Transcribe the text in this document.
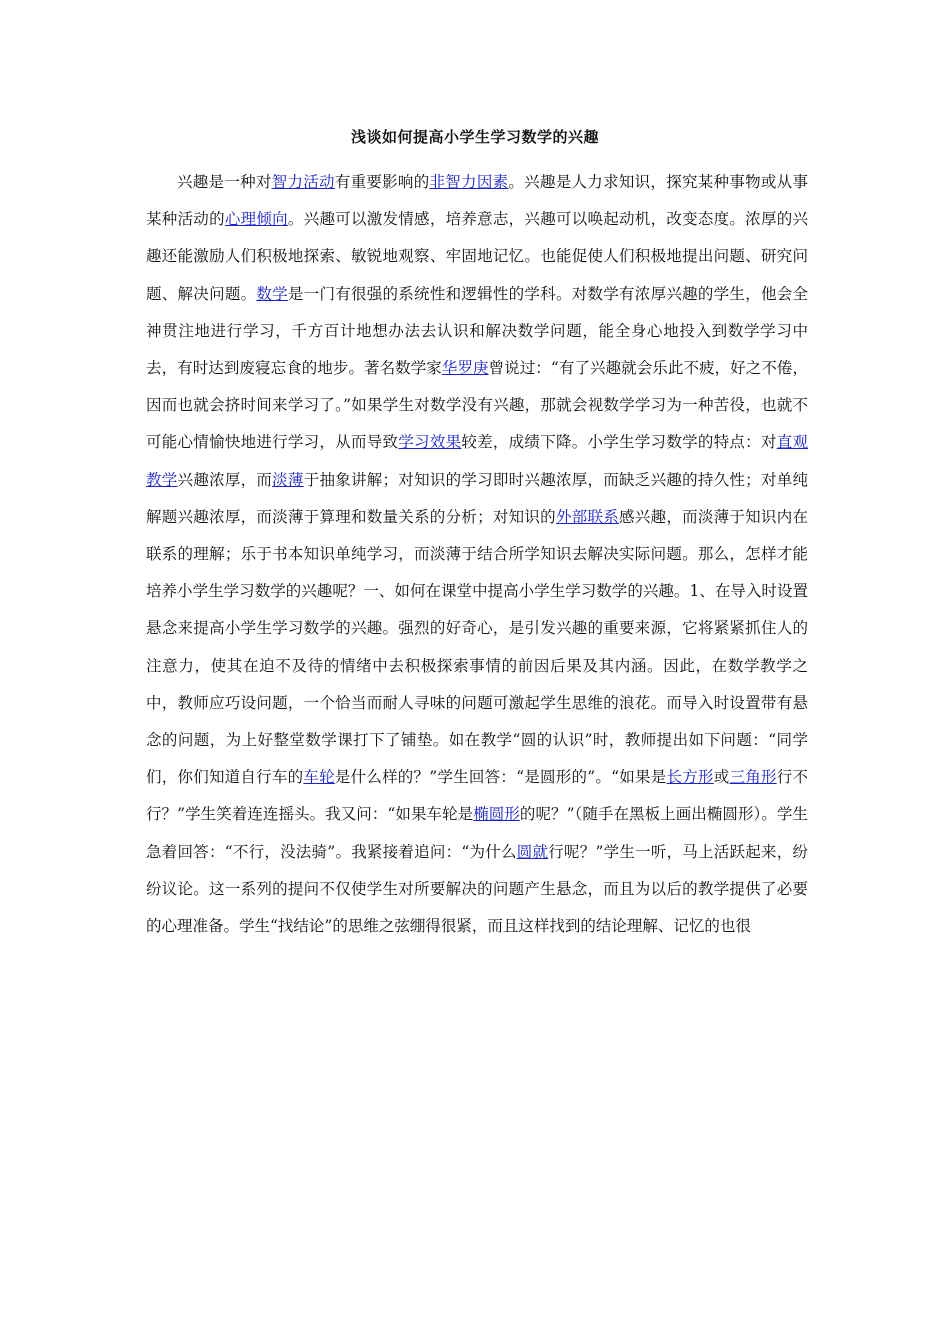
浅谈如何提高小学生学习数学的兴趣

兴趣是一种对智力活动有重要影响的非智力因素。兴趣是人力求知识，探究某种事物或从事某种活动的心理倾向。兴趣可以激发情感，培养意志，兴趣可以唤起动机，改变态度。浓厚的兴趣还能激励人们积极地探索、敏锐地观察、牢固地记忆。也能促使人们积极地提出问题、研究问题、解决问题。数学是一门有很强的系统性和逻辑性的学科。对数学有浓厚兴趣的学生，他会全神贯注地进行学习，千方百计地想办法去认识和解决数学问题，能全身心地投入到数学学习中去，有时达到废寝忘食的地步。著名数学家华罗庚曾说过：“有了兴趣就会乐此不疲，好之不倦，因而也就会挤时间来学习了。”如果学生对数学没有兴趣，那就会视数学学习为一种苦役，也就不可能心情愉快地进行学习，从而导致学习效果较差，成绩下降。小学生学习数学的特点：对直观教学兴趣浓厚，而淡薄于抽象讲解；对知识的学习即时兴趣浓厚，而缺乏兴趣的持久性；对单纯解题兴趣浓厚，而淡薄于算理和数量关系的分析；对知识的外部联系感兴趣，而淡薄于知识内在联系的理解；乐于书本知识单纯学习，而淡薄于结合所学知识去解决实际问题。那么，怎样才能培养小学生学习数学的兴趣呢？一、如何在课堂中提高小学生学习数学的兴趣。1、在导入时设置悬念来提高小学生学习数学的兴趣。强烈的好奇心，是引发兴趣的重要来源，它将紧紧抓住人的注意力，使其在迫不及待的情绪中去积极探索事情的前因后果及其内涵。因此，在数学教学之中，教师应巧设问题，一个恰当而耐人寻味的问题可激起学生思维的浪花。而导入时设置带有悬念的问题，为上好整堂数学课打下了铺垫。如在教学“圆的认识”时，教师提出如下问题：“同学们，你们知道自行车的车轮是什么样的？”学生回答：“是圆形的”。“如果是长方形或三角形行不行？”学生笑着连连摇头。我又问：“如果车轮是椭圆形的呢？”（随手在黑板上画出椭圆形）。学生急着回答：“不行，没法骑”。我紧接着追问：“为什么圆就行呢？”学生一听，马上活跃起来，纷纷议论。这一系列的提问不仅使学生对所要解决的问题产生悬念，而且为以后的教学提供了必要的心理准备。学生“找结论”的思维之弦绷得很紧，而且这样找到的结论理解、记忆的也很
